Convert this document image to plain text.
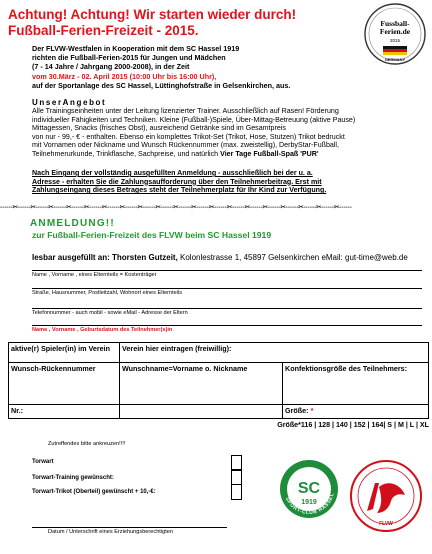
Achtung! Achtung! Wir starten wieder durch!
Fußball-Ferien-Freizeit - 2015.	Fussball-
Ferien.de
2015
GERMANY
Der FLVW-Westfalen in Kooperation mit dem SC Hassel 1919
richten die Fußball-Ferien-2015 für Jungen und Mädchen
(7 - 14 Jahre / Jahrgang 2000-2008), in der Zeit
vom 30.März - 02. April 2015 (10:00 Uhr bis 16:00 Uhr),
auf der Sportanlage des SC Hassel, Lüttinghofstraße in Gelsenkirchen, aus.
UnserAngebot
Alle Trainingseinheiten unter der Leitung lizenzierter Trainer. Ausschließlich auf Rasen! Förderung
individueller Fähigkeiten und Techniken. Kleine (Fußball-)Spiele, Über-Mittag-Betreuung (aktive Pause)
Mittagessen, Snacks (frisches Obst), ausreichend Getränke sind im Gesamtpreis
von nur - 99,- € - enthalten. Ebenso ein komplettes Trikot-Set (Trikot, Hose, Stutzen) Trikot bedruckt
mit Vornamen oder Nickname und Wunsch Rückennummer (max. zweistellig), DerbyStar-Fußball,
Teilnehmerurkunde, Trinkflasche, Sachpreise, und natürlich Vier Tage Fußball-Spaß 'PUR'
Nach Eingang der vollständig ausgefüllten Anmeldung - ausschließlich bei der u. a.
Adresse - erhalten Sie die Zahlungsaufforderung über den Teilnehmerbeitrag. Erst mit
Zahlungseingang dieses Betrages steht der Teilnehmerplatz für Ihr Kind zur Verfügung.
------✂------✂------✂------✂------✂------✂------✂------✂------✂------✂------✂------✂------✂------✂------✂------✂------✂------✂------✂------
ANMELDUNG!!
zur Fußball-Ferien-Freizeit des FLVW beim SC Hassel 1919
Iesbar ausgefüllt an: Thorsten Gutzeit, Kolonlestrasse 1, 45897 Gelsenkirchen eMail: gut-time@web.de
Name , Vorname , eines Elternteils = Kostenträger
Straße, Hausnummer, Postleitzahl, Wohnort eines Elternteils
Telefonnummer - auch mobil - sowie eMail - Adresse der Eltern
Name , Vorname , Geburtsdatum des Teilnehmer(s)in
aktive(r) Spieler(in) im Verein	Verein hier eintragen (freiwillig):	
Wunsch-Rückennummer	Wunschname=Vorname o. Nickname	Konfektionsgröße des Teilnehmers:
Nr.:		Größe: *
Größe*116 | 128 | 140 | 152 | 164| S | M | L | XL
Zutreffendes bitte ankreuzen!!!!
Torwart
Torwart-Training gewünscht:
Torwart-Trikot (Oberteil) gewünscht + 10,-€:
Datum / Unterschrift eines Erziehungsberechtigten
SPORT-CLUB HASSEL
SC
1919
FLVW
